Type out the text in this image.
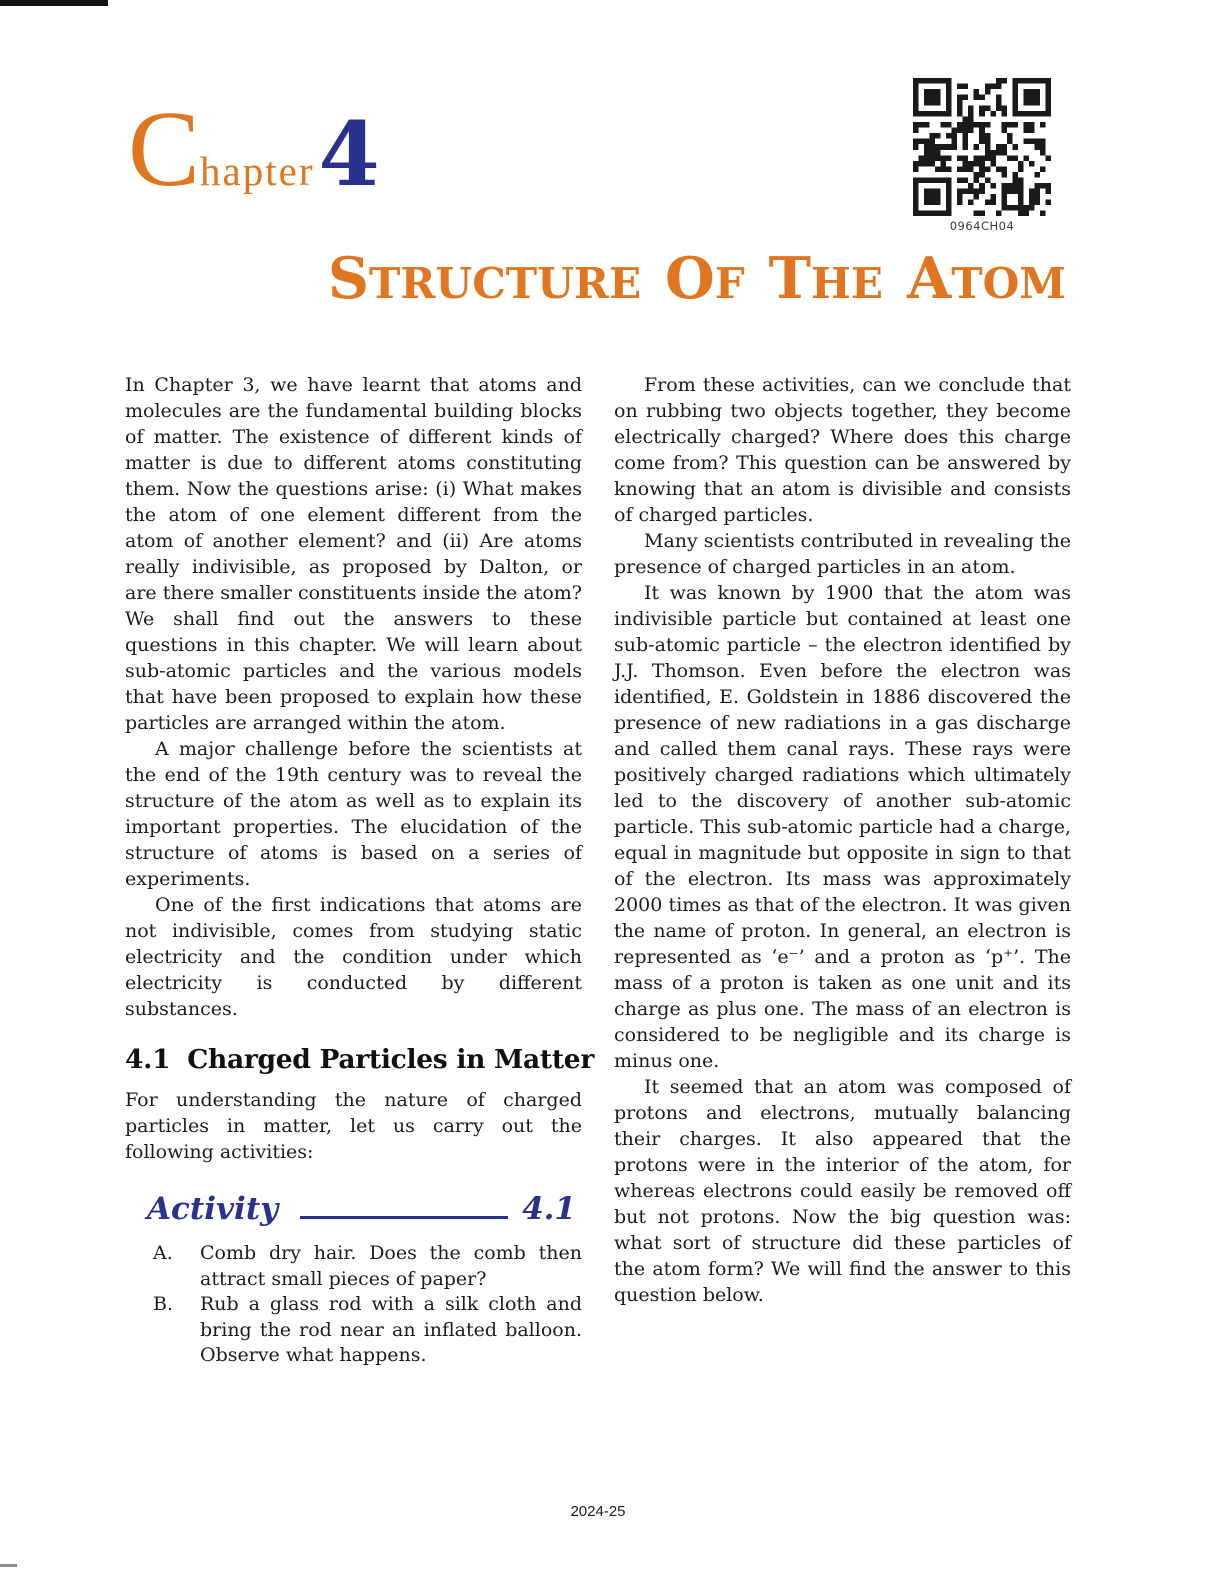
C hapter 4
0964CH04
STRUCTURE OF THE ATOM

In Chapter 3, we have learnt that atoms and molecules are the fundamental building blocks of matter. The existence of different kinds of matter is due to different atoms constituting them. Now the questions arise: (i) What makes the atom of one element different from the atom of another element? and (ii) Are atoms really indivisible, as proposed by Dalton, or are there smaller constituents inside the atom? We shall find out the answers to these questions in this chapter. We will learn about sub-atomic particles and the various models that have been proposed to explain how these particles are arranged within the atom.

A major challenge before the scientists at the end of the 19th century was to reveal the structure of the atom as well as to explain its important properties. The elucidation of the structure of atoms is based on a series of experiments.

One of the first indications that atoms are not indivisible, comes from studying static electricity and the condition under which electricity is conducted by different substances.

4.1 Charged Particles in Matter

For understanding the nature of charged particles in matter, let us carry out the following activities:

Activity	4.1
A.	Comb dry hair. Does the comb then attract small pieces of paper?
B.	Rub a glass rod with a silk cloth and bring the rod near an inflated balloon. Observe what happens.

From these activities, can we conclude that on rubbing two objects together, they become electrically charged? Where does this charge come from? This question can be answered by knowing that an atom is divisible and consists of charged particles.

Many scientists contributed in revealing the presence of charged particles in an atom.

It was known by 1900 that the atom was indivisible particle but contained at least one sub-atomic particle – the electron identified by J.J. Thomson. Even before the electron was identified, E. Goldstein in 1886 discovered the presence of new radiations in a gas discharge and called them canal rays. These rays were positively charged radiations which ultimately led to the discovery of another sub-atomic particle. This sub-atomic particle had a charge, equal in magnitude but opposite in sign to that of the electron. Its mass was approximately 2000 times as that of the electron. It was given the name of proton. In general, an electron is represented as ‘e⁻’ and a proton as ‘p⁺’. The mass of a proton is taken as one unit and its charge as plus one. The mass of an electron is considered to be negligible and its charge is minus one.

It seemed that an atom was composed of protons and electrons, mutually balancing their charges. It also appeared that the protons were in the interior of the atom, for whereas electrons could easily be removed off but not protons. Now the big question was: what sort of structure did these particles of the atom form? We will find the answer to this question below.

2024-25
